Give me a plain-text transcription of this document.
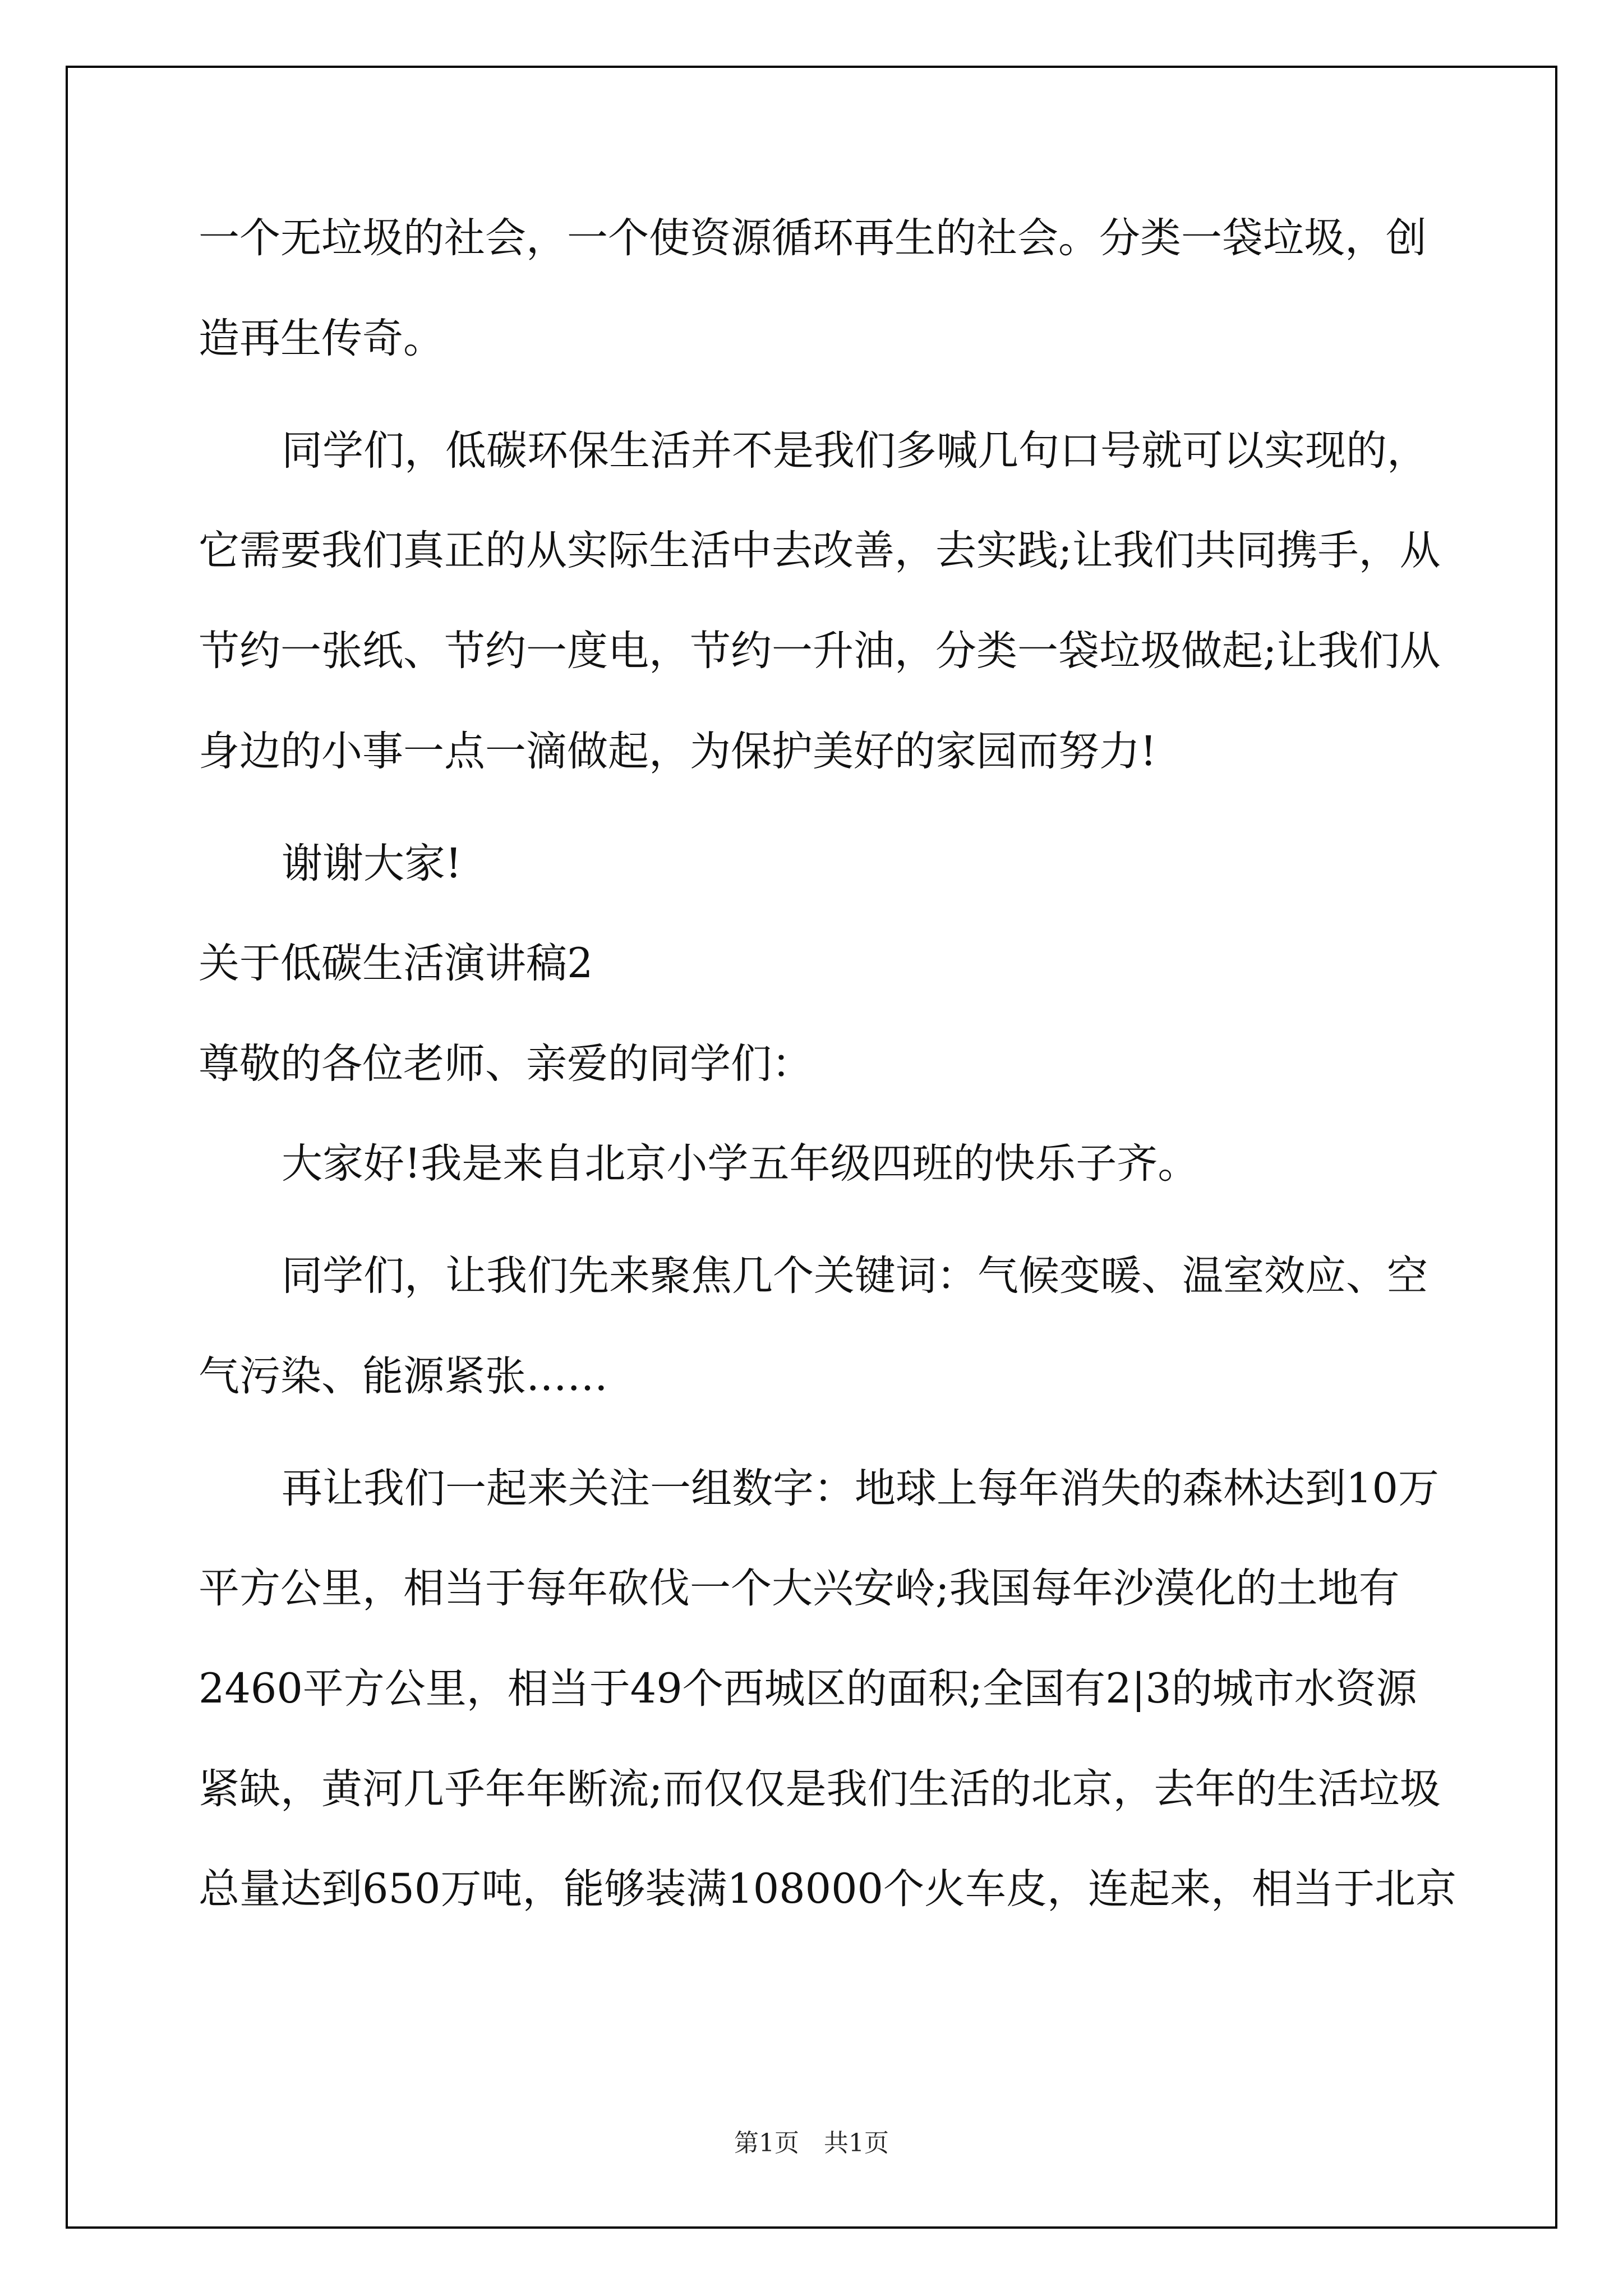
一个无垃圾的社会，一个使资源循环再生的社会。分类一袋垃圾，创
造再生传奇。
同学们，低碳环保生活并不是我们多喊几句口号就可以实现的，
它需要我们真正的从实际生活中去改善，去实践;让我们共同携手，从
节约一张纸、节约一度电，节约一升油，分类一袋垃圾做起;让我们从
身边的小事一点一滴做起，为保护美好的家园而努力!
谢谢大家!
关于低碳生活演讲稿2
尊敬的各位老师、亲爱的同学们：
大家好!我是来自北京小学五年级四班的快乐子齐。
同学们，让我们先来聚焦几个关键词：气候变暖、温室效应、空
气污染、能源紧张……
再让我们一起来关注一组数字：地球上每年消失的森林达到10万
平方公里，相当于每年砍伐一个大兴安岭;我国每年沙漠化的土地有
2460平方公里，相当于49个西城区的面积;全国有2|3的城市水资源
紧缺，黄河几乎年年断流;而仅仅是我们生活的北京，去年的生活垃圾
总量达到650万吨，能够装满108000个火车皮，连起来，相当于北京
第1页　共1页
